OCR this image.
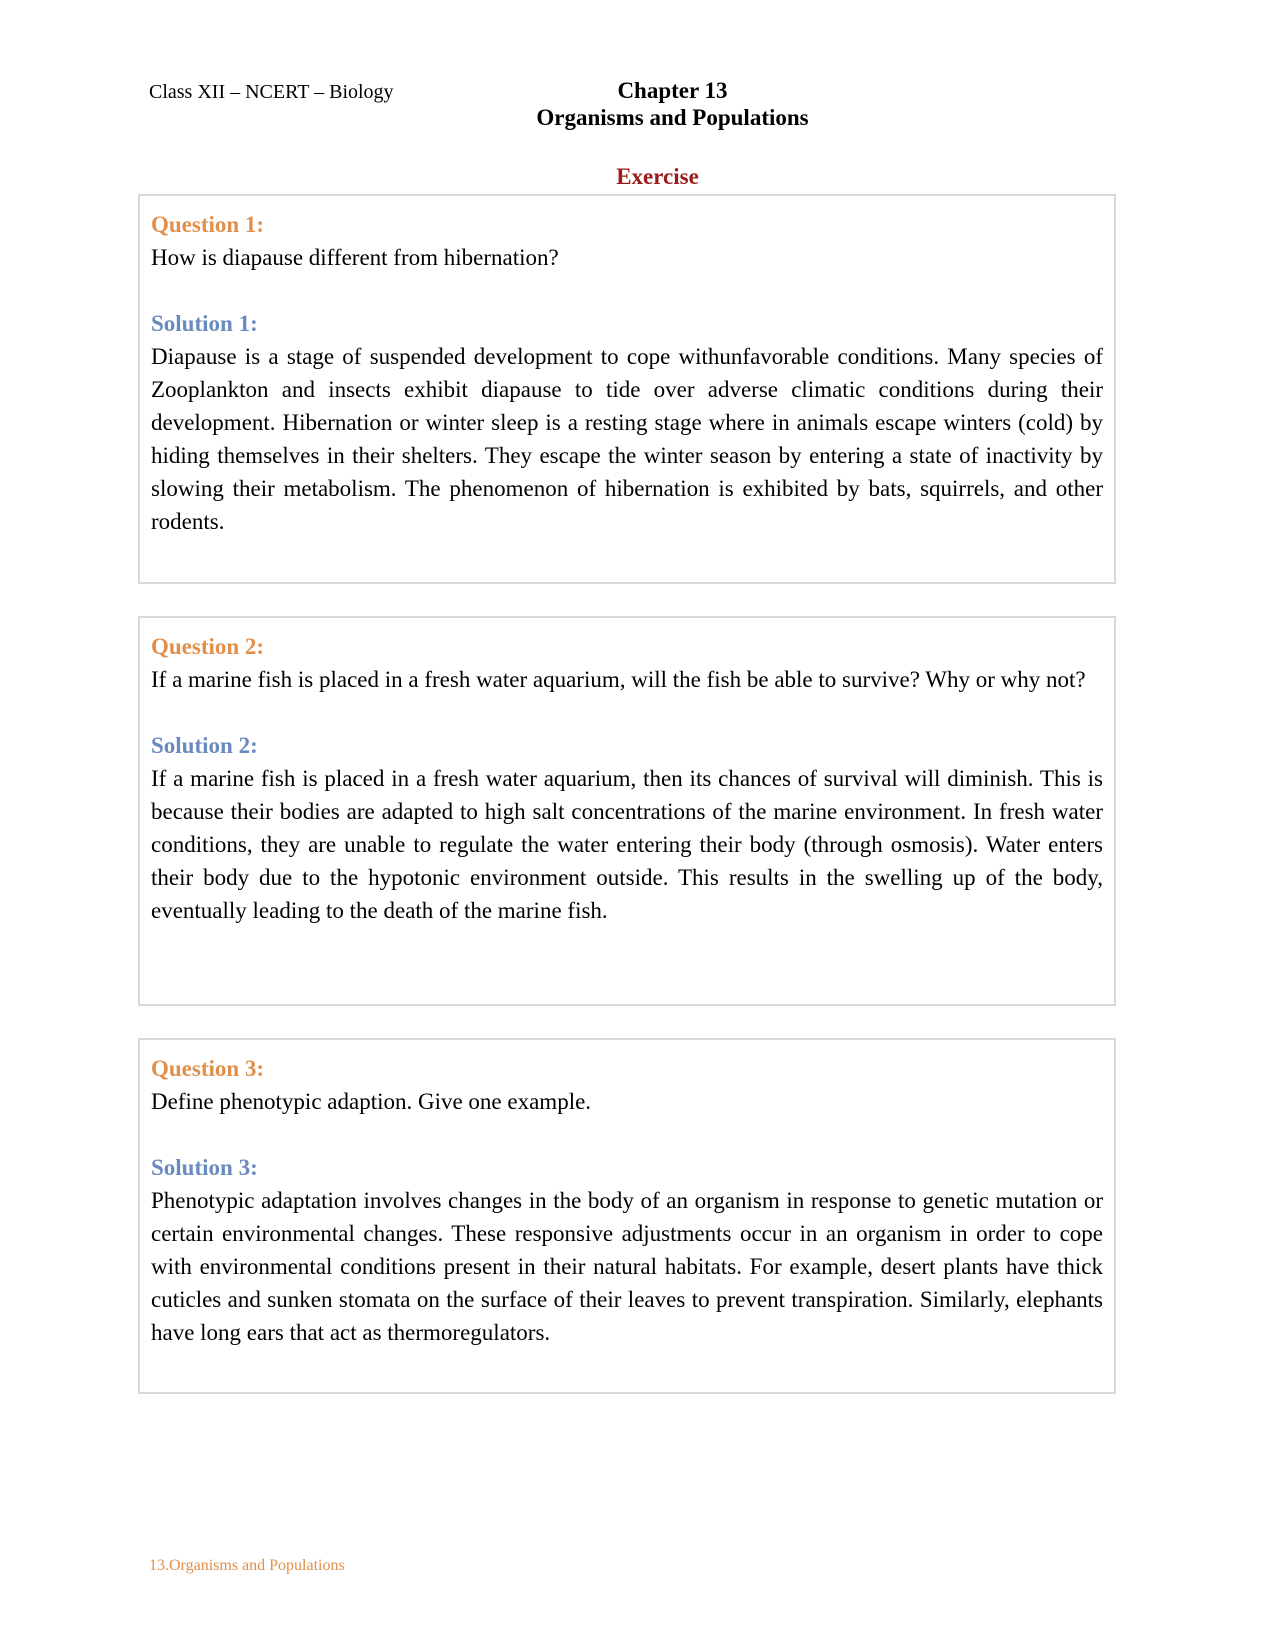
Class XII – NCERT – Biology	Chapter 13
Organisms and Populations
Exercise
Question 1:
How is diapause different from hibernation?
Solution 1:
Diapause is a stage of suspended development to cope withunfavorable conditions. Many species of Zooplankton and insects exhibit diapause to tide over adverse climatic conditions during their development. Hibernation or winter sleep is a resting stage where in animals escape winters (cold) by hiding themselves in their shelters. They escape the winter season by entering a state of inactivity by slowing their metabolism. The phenomenon of hibernation is exhibited by bats, squirrels, and other rodents.
Question 2:
If a marine fish is placed in a fresh water aquarium, will the fish be able to survive? Why or why not?
Solution 2:
If a marine fish is placed in a fresh water aquarium, then its chances of survival will diminish. This is because their bodies are adapted to high salt concentrations of the marine environment. In fresh water conditions, they are unable to regulate the water entering their body (through osmosis). Water enters their body due to the hypotonic environment outside. This results in the swelling up of the body, eventually leading to the death of the marine fish.
Question 3:
Define phenotypic adaption. Give one example.
Solution 3:
Phenotypic adaptation involves changes in the body of an organism in response to genetic mutation or certain environmental changes. These responsive adjustments occur in an organism in order to cope with environmental conditions present in their natural habitats. For example, desert plants have thick cuticles and sunken stomata on the surface of their leaves to prevent transpiration. Similarly, elephants have long ears that act as thermoregulators.
13.Organisms and Populations
